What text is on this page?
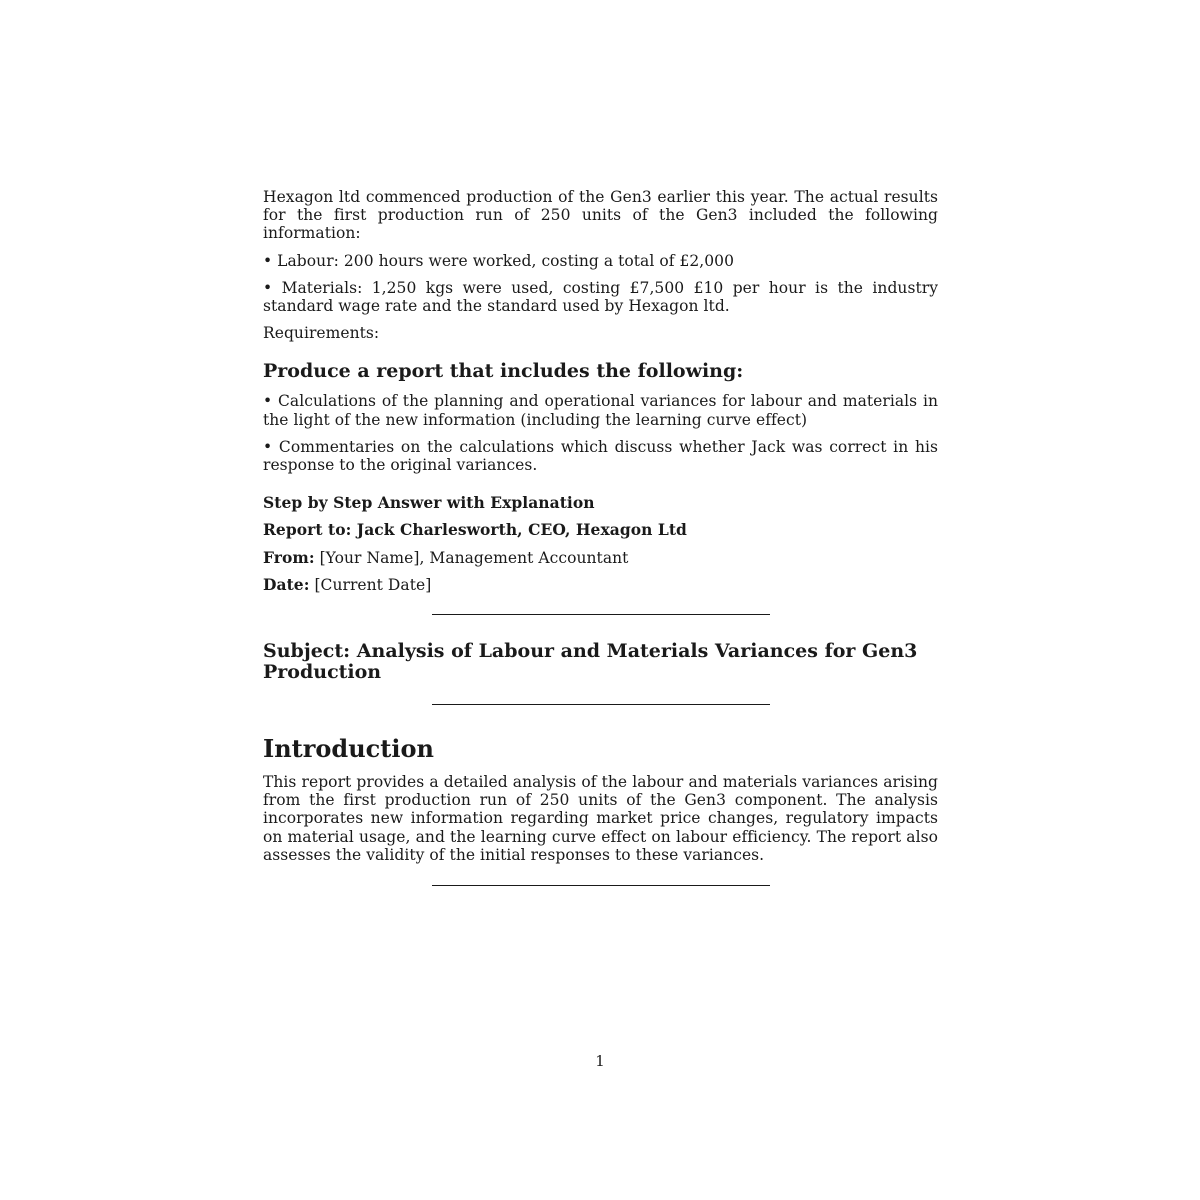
Hexagon ltd commenced production of the Gen3 earlier this year. The actual results for the first production run of 250 units of the Gen3 included the following information:

• Labour: 200 hours were worked, costing a total of £2,000

• Materials: 1,250 kgs were used, costing £7,500 £10 per hour is the industry standard wage rate and the standard used by Hexagon ltd.

Requirements:

Produce a report that includes the following:

• Calculations of the planning and operational variances for labour and materials in the light of the new information (including the learning curve effect)

• Commentaries on the calculations which discuss whether Jack was correct in his response to the original variances.

Step by Step Answer with Explanation

Report to: Jack Charlesworth, CEO, Hexagon Ltd

From: [Your Name], Management Accountant

Date: [Current Date]

Subject: Analysis of Labour and Materials Variances for Gen3 Production
Introduction

This report provides a detailed analysis of the labour and materials variances arising from the first production run of 250 units of the Gen3 component. The analysis incorporates new information regarding market price changes, regulatory impacts on material usage, and the learning curve effect on labour efficiency. The report also assesses the validity of the initial responses to these variances.

1
